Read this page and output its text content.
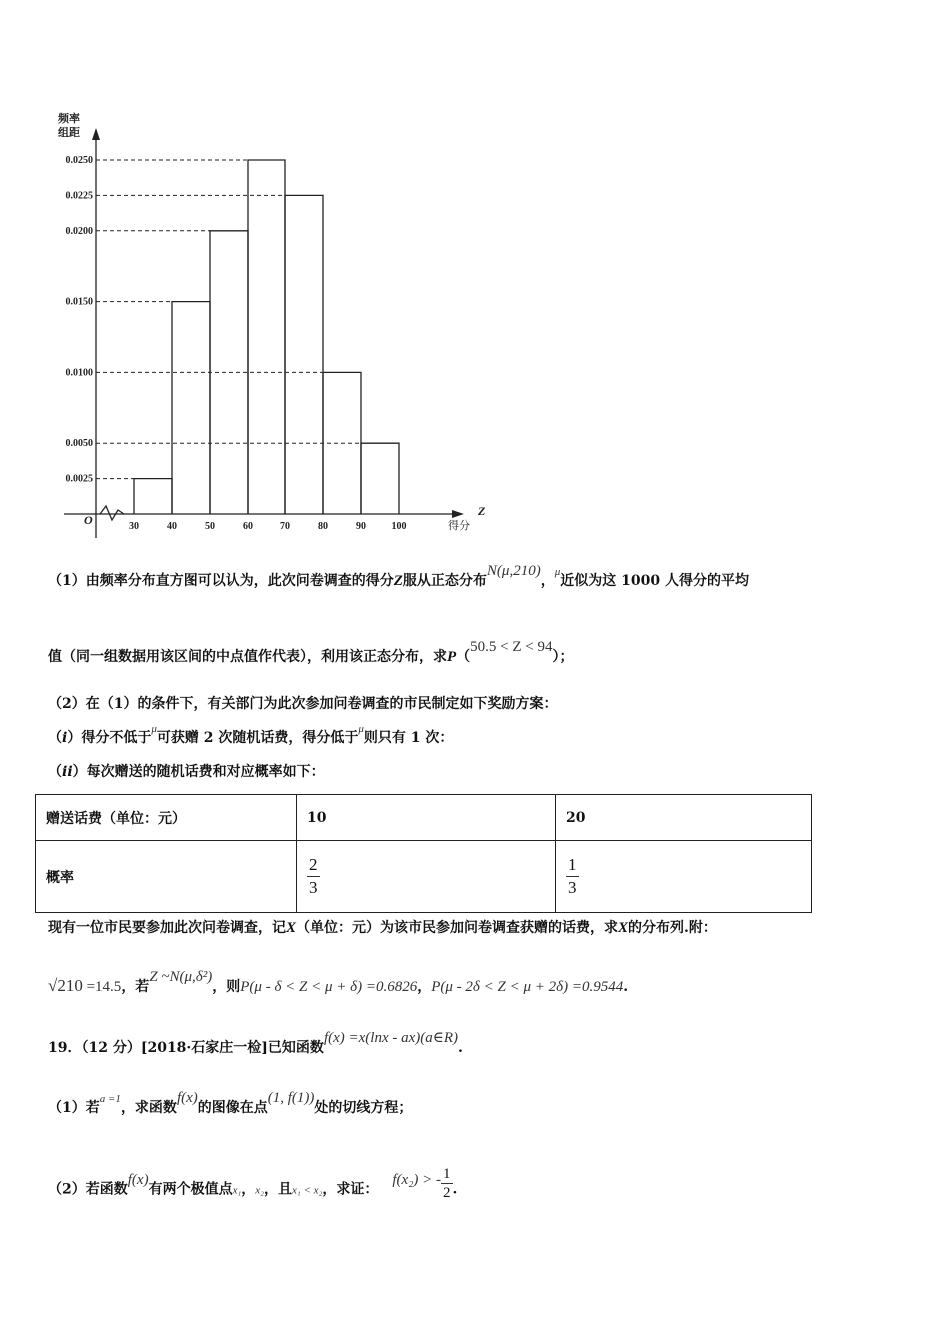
0.0025
0.0050
0.0100
0.0150
0.0200
0.0225
0.0250
30	40	50	60	70	80	90	100
频率
组距
Z
得分
O
（1）由频率分布直方图可以认为，此次问卷调查的得分Z服从正态分布N(μ,210)，$^\mu$近似为这 1000 人得分的平均
值（同一组数据用该区间的中点值作代表），利用该正态分布，求P（50.5 < Z < 94）；
（2）在（1）的条件下，有关部门为此次参加问卷调查的市民制定如下奖励方案：
（i）得分不低于$^\mu$可获赠 2 次随机话费，得分低于$^\mu$则只有 1 次：
（ii）每次赠送的随机话费和对应概率如下：
赠送话费（单位：元）	10	20
概率	$\frac{2}{3}$	$\frac{1}{3}$
现有一位市民要参加此次问卷调查，记X（单位：元）为该市民参加问卷调查获赠的话费，求X的分布列.附：
√210 =14.5，若Z ~N(μ,δ²)，则P(μ - δ < Z < μ + δ) =0.6826，P(μ - 2δ < Z < μ + 2δ) =0.9544.
19．（12 分）[2018·石家庄一检]已知函数f(x) =x(lnx - ax)(a∈R).
（1）若$^{a =1}$，求函数f(x)的图像在点(1, f(1))处的切线方程；
（2）若函数f(x)有两个极值点x₁，x₂，且x₁ < x₂，求证：f(x₂) > - $\frac{1}{2}$ .
